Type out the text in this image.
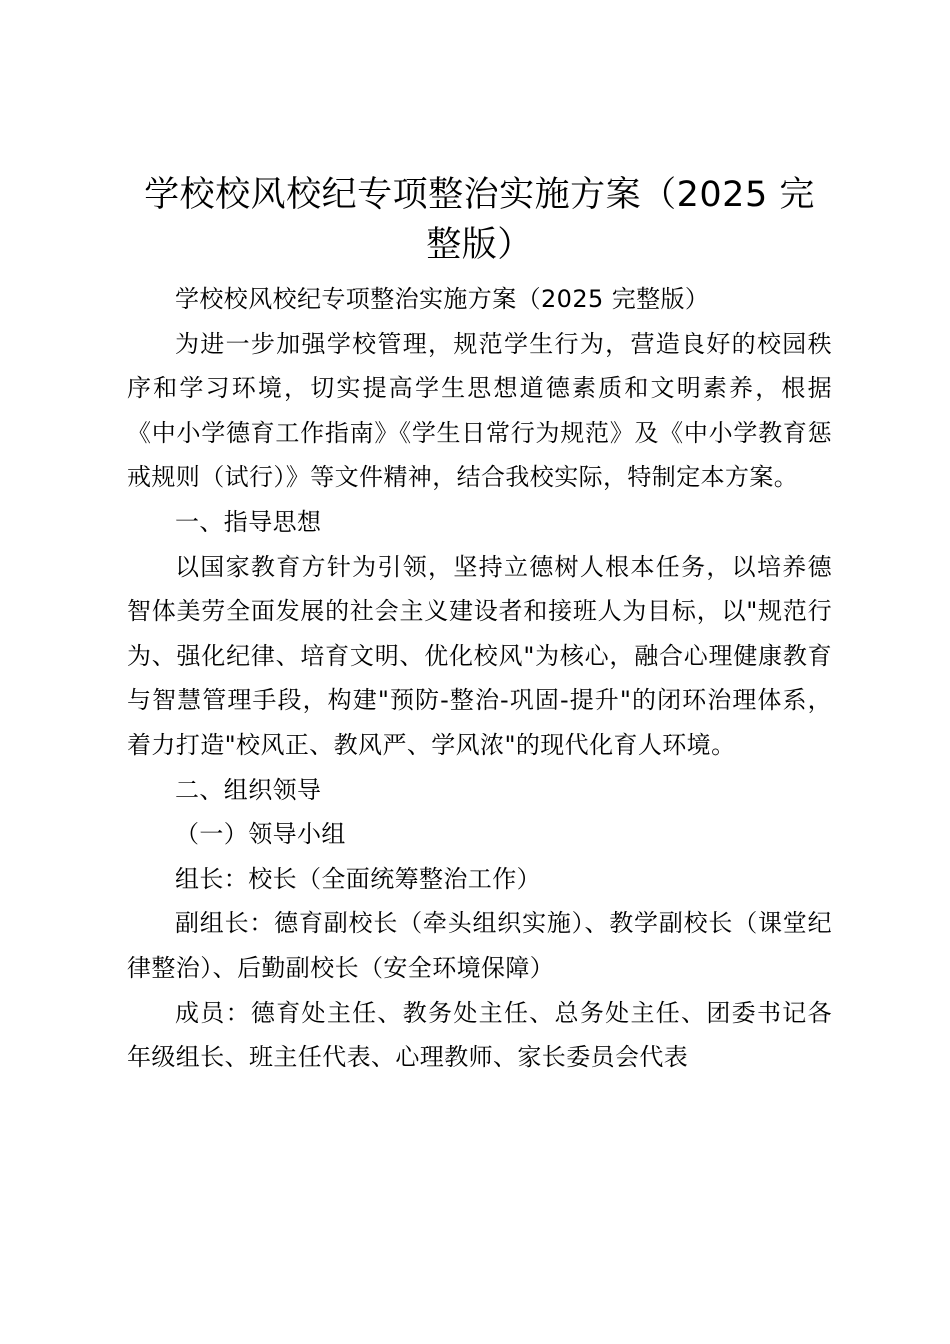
学校校风校纪专项整治实施方案（2025 完整版）

学校校风校纪专项整治实施方案（2025 完整版）

为进一步加强学校管理，规范学生行为，营造良好的校园秩序和学习环境，切实提高学生思想道德素质和文明素养，根据《中小学德育工作指南》《学生日常行为规范》及《中小学教育惩戒规则（试行）》等文件精神，结合我校实际，特制定本方案。

一、指导思想

以国家教育方针为引领，坚持立德树人根本任务，以培养德智体美劳全面发展的社会主义建设者和接班人为目标，以"规范行为、强化纪律、培育文明、优化校风"为核心，融合心理健康教育与智慧管理手段，构建"预防-整治-巩固-提升"的闭环治理体系，着力打造"校风正、教风严、学风浓"的现代化育人环境。

二、组织领导

（一）领导小组

组长：校长（全面统筹整治工作）

副组长：德育副校长（牵头组织实施）、教学副校长（课堂纪律整治）、后勤副校长（安全环境保障）

成员：德育处主任、教务处主任、总务处主任、团委书记各年级组长、班主任代表、心理教师、家长委员会代表
